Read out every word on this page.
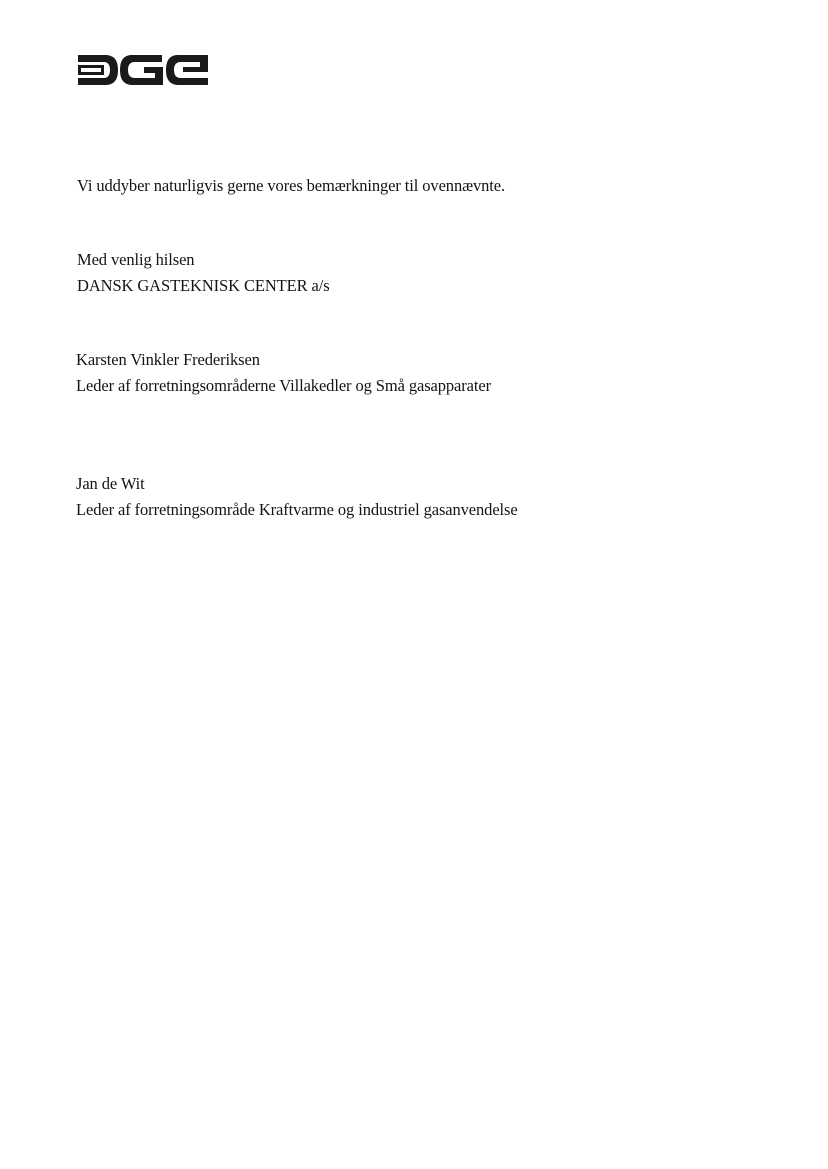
Vi uddyber naturligvis gerne vores bemærkninger til ovennævnte.
Med venlig hilsen
DANSK GASTEKNISK CENTER a/s
Karsten Vinkler Frederiksen
Leder af forretningsområderne Villakedler og Små gasapparater
Jan de Wit
Leder af forretningsområde Kraftvarme og industriel gasanvendelse
